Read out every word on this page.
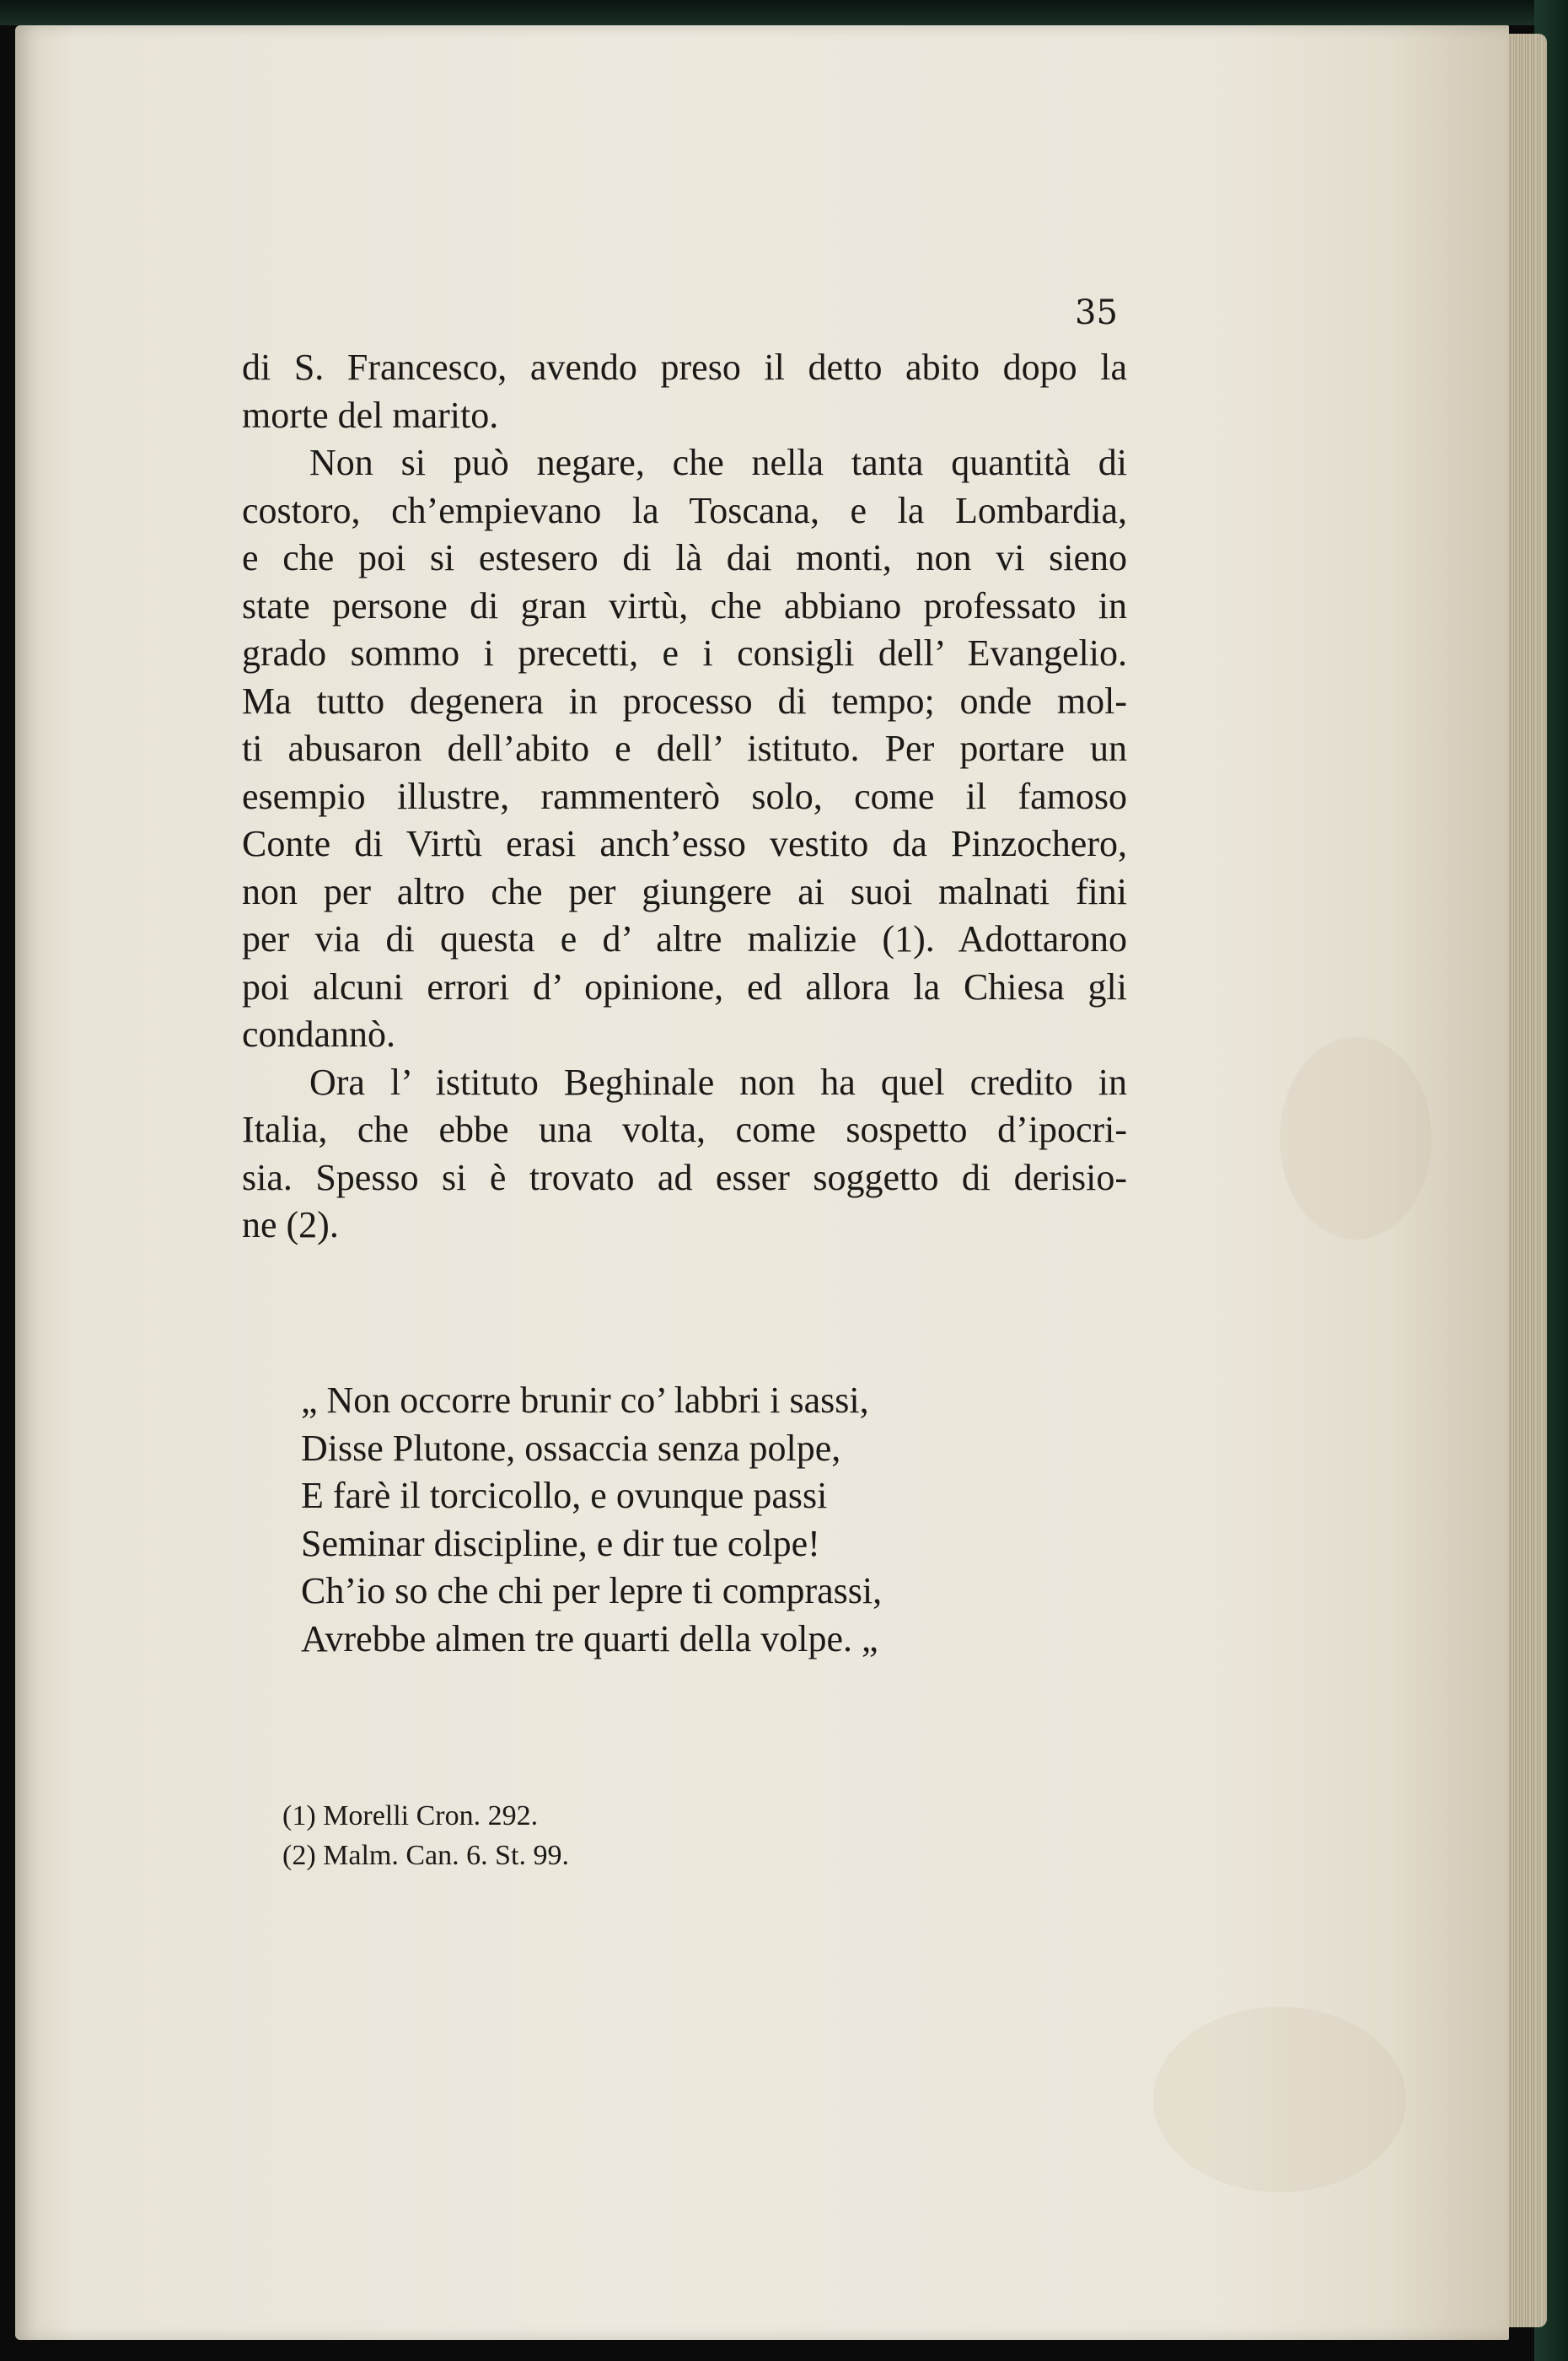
35
di S. Francesco, avendo preso il detto abito dopo la
morte del marito.
Non si può negare, che nella tanta quantità di
costoro, ch’empievano la Toscana, e la Lombardia,
e che poi si estesero di là dai monti, non vi sieno
state persone di gran virtù, che abbiano professato in
grado sommo i precetti, e i consigli dell’ Evangelio.
Ma tutto degenera in processo di tempo; onde mol-
ti abusaron dell’abito e dell’ istituto. Per portare un
esempio illustre, rammenterò solo, come il famoso
Conte di Virtù erasi anch’esso vestito da Pinzochero,
non per altro che per giungere ai suoi malnati fini
per via di questa e d’ altre malizie (1). Adottarono
poi alcuni errori d’ opinione, ed allora la Chiesa gli
condannò.
Ora l’ istituto Beghinale non ha quel credito in
Italia, che ebbe una volta, come sospetto d’ipocri-
sia. Spesso si è trovato ad esser soggetto di derisio-
ne (2).
„ Non occorre brunir co’ labbri i sassi,
Disse Plutone, ossaccia senza polpe,
E farè il torcicollo, e ovunque passi
Seminar discipline, e dir tue colpe!
Ch’io so che chi per lepre ti comprassi,
Avrebbe almen tre quarti della volpe. „
(1) Morelli Cron. 292.
(2) Malm. Can. 6. St. 99.
